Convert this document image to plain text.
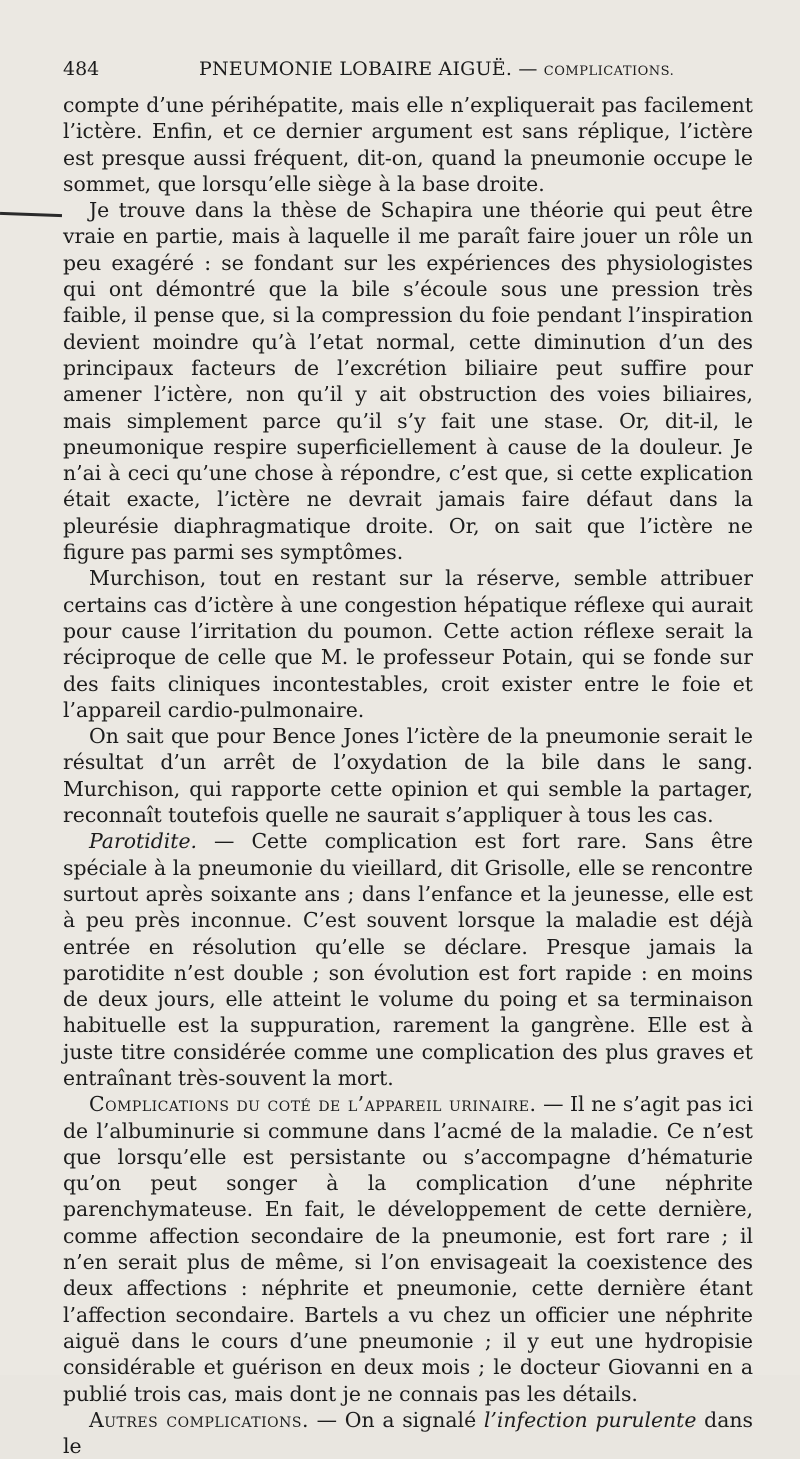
484	PNEUMONIE LOBAIRE AIGUË. — COMPLICATIONS.

compte d’une périhépatite, mais elle n’expliquerait pas facilement l’ictère. Enfin, et ce dernier argument est sans réplique, l’ictère est presque aussi fréquent, dit-on, quand la pneumonie occupe le sommet, que lorsqu’elle siège à la base droite.

Je trouve dans la thèse de Schapira une théorie qui peut être vraie en partie, mais à laquelle il me paraît faire jouer un rôle un peu exagéré : se fondant sur les expériences des physiologistes qui ont démontré que la bile s’écoule sous une pression très faible, il pense que, si la compression du foie pendant l’inspiration devient moindre qu’à l’etat normal, cette diminution d’un des principaux facteurs de l’excrétion biliaire peut suffire pour amener l’ictère, non qu’il y ait obstruction des voies biliaires, mais simplement parce qu’il s’y fait une stase. Or, dit-il, le pneumonique respire superficiellement à cause de la douleur. Je n’ai à ceci qu’une chose à répondre, c’est que, si cette explication était exacte, l’ictère ne devrait jamais faire défaut dans la pleurésie diaphragmatique droite. Or, on sait que l’ictère ne figure pas parmi ses symptômes.

Murchison, tout en restant sur la réserve, semble attribuer certains cas d’ictère à une congestion hépatique réflexe qui aurait pour cause l’irritation du poumon. Cette action réflexe serait la réciproque de celle que M. le professeur Potain, qui se fonde sur des faits cliniques incontestables, croit exister entre le foie et l’appareil cardio-pulmonaire.

On sait que pour Bence Jones l’ictère de la pneumonie serait le résultat d’un arrêt de l’oxydation de la bile dans le sang. Murchison, qui rapporte cette opinion et qui semble la partager, reconnaît toutefois quelle ne saurait s’appliquer à tous les cas.

Parotidite. — Cette complication est fort rare. Sans être spéciale à la pneumonie du vieillard, dit Grisolle, elle se rencontre surtout après soixante ans ; dans l’enfance et la jeunesse, elle est à peu près inconnue. C’est souvent lorsque la maladie est déjà entrée en résolution qu’elle se déclare. Presque jamais la parotidite n’est double ; son évolution est fort rapide : en moins de deux jours, elle atteint le volume du poing et sa terminaison habituelle est la suppuration, rarement la gangrène. Elle est à juste titre considérée comme une complication des plus graves et entraînant très-souvent la mort.

Complications du coté de l’appareil urinaire. — Il ne s’agit pas ici de l’albuminurie si commune dans l’acmé de la maladie. Ce n’est que lorsqu’elle est persistante ou s’accompagne d’hématurie qu’on peut songer à la complication d’une néphrite parenchymateuse. En fait, le développement de cette dernière, comme affection secondaire de la pneumonie, est fort rare ; il n’en serait plus de même, si l’on envisageait la coexistence des deux affections : néphrite et pneumonie, cette dernière étant l’affection secondaire. Bartels a vu chez un officier une néphrite aiguë dans le cours d’une pneumonie ; il y eut une hydropisie considérable et guérison en deux mois ; le docteur Giovanni en a publié trois cas, mais dont je ne connais pas les détails.

Autres complications. — On a signalé l’infection purulente dans le
